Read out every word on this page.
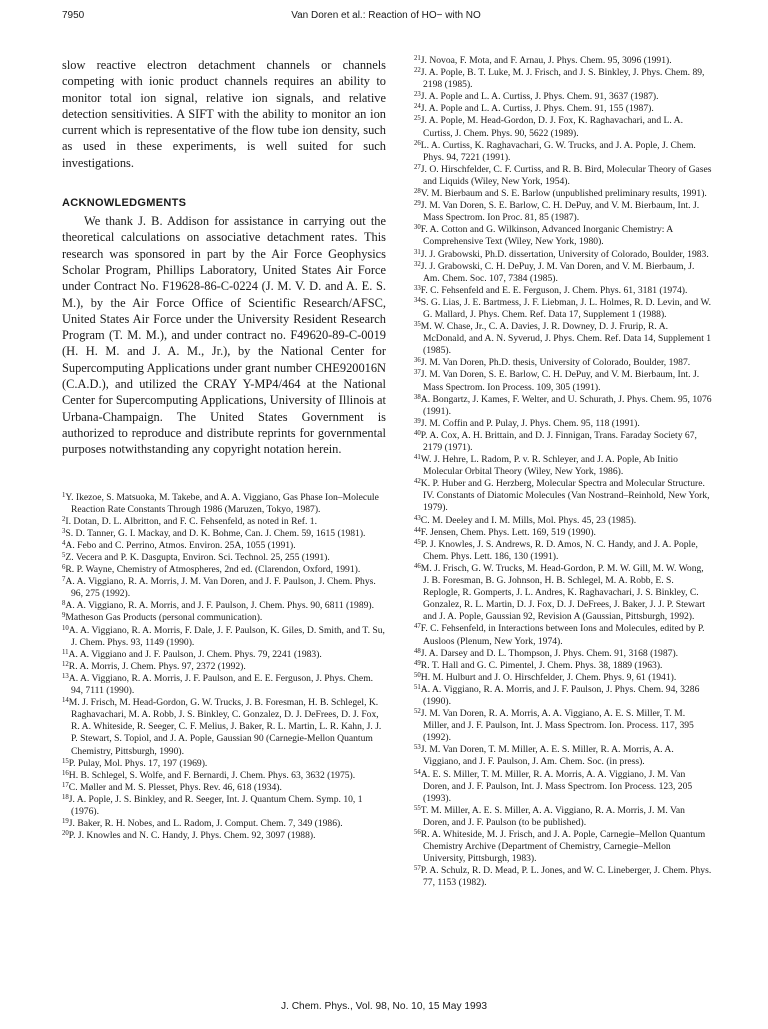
7950	Van Doren et al.: Reaction of HO− with NO

slow reactive electron detachment channels or channels competing with ionic product channels requires an ability to monitor total ion signal, relative ion signals, and relative detection sensitivities. A SIFT with the ability to monitor an ion current which is representative of the flow tube ion density, such as used in these experiments, is well suited for such investigations.

ACKNOWLEDGMENTS

We thank J. B. Addison for assistance in carrying out the theoretical calculations on associative detachment rates. This research was sponsored in part by the Air Force Geophysics Scholar Program, Phillips Laboratory, United States Air Force under Contract No. F19628-86-C-0224 (J. M. V. D. and A. E. S. M.), by the Air Force Office of Scientific Research/AFSC, United States Air Force under the University Resident Research Program (T. M. M.), and under contract no. F49620-89-C-0019 (H. H. M. and J. A. M., Jr.), by the National Center for Supercomputing Applications under grant number CHE920016N (C.A.D.), and utilized the CRAY Y-MP4/464 at the National Center for Supercomputing Applications, University of Illinois at Urbana-Champaign. The United States Government is authorized to reproduce and distribute reprints for governmental purposes notwithstanding any copyright notation herein.

$^1$Y. Ikezoe, S. Matsuoka, M. Takebe, and A. A. Viggiano, Gas Phase Ion–Molecule Reaction Rate Constants Through 1986 (Maruzen, Tokyo, 1987).
$^2$I. Dotan, D. L. Albritton, and F. C. Fehsenfeld, as noted in Ref. 1.
$^3$S. D. Tanner, G. I. Mackay, and D. K. Bohme, Can. J. Chem. 59, 1615 (1981).
$^4$A. Febo and C. Perrino, Atmos. Environ. 25A, 1055 (1991).
$^5$Z. Vecera and P. K. Dasgupta, Environ. Sci. Technol. 25, 255 (1991).
$^6$R. P. Wayne, Chemistry of Atmospheres, 2nd ed. (Clarendon, Oxford, 1991).
$^7$A. A. Viggiano, R. A. Morris, J. M. Van Doren, and J. F. Paulson, J. Chem. Phys. 96, 275 (1992).
$^8$A. A. Viggiano, R. A. Morris, and J. F. Paulson, J. Chem. Phys. 90, 6811 (1989).
$^9$Matheson Gas Products (personal communication).
$^{10}$A. A. Viggiano, R. A. Morris, F. Dale, J. F. Paulson, K. Giles, D. Smith, and T. Su, J. Chem. Phys. 93, 1149 (1990).
$^{11}$A. A. Viggiano and J. F. Paulson, J. Chem. Phys. 79, 2241 (1983).
$^{12}$R. A. Morris, J. Chem. Phys. 97, 2372 (1992).
$^{13}$A. A. Viggiano, R. A. Morris, J. F. Paulson, and E. E. Ferguson, J. Phys. Chem. 94, 7111 (1990).
$^{14}$M. J. Frisch, M. Head-Gordon, G. W. Trucks, J. B. Foresman, H. B. Schlegel, K. Raghavachari, M. A. Robb, J. S. Binkley, C. Gonzalez, D. J. DeFrees, D. J. Fox, R. A. Whiteside, R. Seeger, C. F. Melius, J. Baker, R. L. Martin, L. R. Kahn, J. J. P. Stewart, S. Topiol, and J. A. Pople, Gaussian 90 (Carnegie-Mellon Quantum Chemistry, Pittsburgh, 1990).
$^{15}$P. Pulay, Mol. Phys. 17, 197 (1969).
$^{16}$H. B. Schlegel, S. Wolfe, and F. Bernardi, J. Chem. Phys. 63, 3632 (1975).
$^{17}$C. Møller and M. S. Plesset, Phys. Rev. 46, 618 (1934).
$^{18}$J. A. Pople, J. S. Binkley, and R. Seeger, Int. J. Quantum Chem. Symp. 10, 1 (1976).
$^{19}$J. Baker, R. H. Nobes, and L. Radom, J. Comput. Chem. 7, 349 (1986).
$^{20}$P. J. Knowles and N. C. Handy, J. Phys. Chem. 92, 3097 (1988).
$^{21}$J. Novoa, F. Mota, and F. Arnau, J. Phys. Chem. 95, 3096 (1991).
$^{22}$J. A. Pople, B. T. Luke, M. J. Frisch, and J. S. Binkley, J. Phys. Chem. 89, 2198 (1985).
$^{23}$J. A. Pople and L. A. Curtiss, J. Phys. Chem. 91, 3637 (1987).
$^{24}$J. A. Pople and L. A. Curtiss, J. Phys. Chem. 91, 155 (1987).
$^{25}$J. A. Pople, M. Head-Gordon, D. J. Fox, K. Raghavachari, and L. A. Curtiss, J. Chem. Phys. 90, 5622 (1989).
$^{26}$L. A. Curtiss, K. Raghavachari, G. W. Trucks, and J. A. Pople, J. Chem. Phys. 94, 7221 (1991).
$^{27}$J. O. Hirschfelder, C. F. Curtiss, and R. B. Bird, Molecular Theory of Gases and Liquids (Wiley, New York, 1954).
$^{28}$V. M. Bierbaum and S. E. Barlow (unpublished preliminary results, 1991).
$^{29}$J. M. Van Doren, S. E. Barlow, C. H. DePuy, and V. M. Bierbaum, Int. J. Mass Spectrom. Ion Proc. 81, 85 (1987).
$^{30}$F. A. Cotton and G. Wilkinson, Advanced Inorganic Chemistry: A Comprehensive Text (Wiley, New York, 1980).
$^{31}$J. J. Grabowski, Ph.D. dissertation, University of Colorado, Boulder, 1983.
$^{32}$J. J. Grabowski, C. H. DePuy, J. M. Van Doren, and V. M. Bierbaum, J. Am. Chem. Soc. 107, 7384 (1985).
$^{33}$F. C. Fehsenfeld and E. E. Ferguson, J. Chem. Phys. 61, 3181 (1974).
$^{34}$S. G. Lias, J. E. Bartmess, J. F. Liebman, J. L. Holmes, R. D. Levin, and W. G. Mallard, J. Phys. Chem. Ref. Data 17, Supplement 1 (1988).
$^{35}$M. W. Chase, Jr., C. A. Davies, J. R. Downey, D. J. Frurip, R. A. McDonald, and A. N. Syverud, J. Phys. Chem. Ref. Data 14, Supplement 1 (1985).
$^{36}$J. M. Van Doren, Ph.D. thesis, University of Colorado, Boulder, 1987.
$^{37}$J. M. Van Doren, S. E. Barlow, C. H. DePuy, and V. M. Bierbaum, Int. J. Mass Spectrom. Ion Process. 109, 305 (1991).
$^{38}$A. Bongartz, J. Kames, F. Welter, and U. Schurath, J. Phys. Chem. 95, 1076 (1991).
$^{39}$J. M. Coffin and P. Pulay, J. Phys. Chem. 95, 118 (1991).
$^{40}$P. A. Cox, A. H. Brittain, and D. J. Finnigan, Trans. Faraday Society 67, 2179 (1971).
$^{41}$W. J. Hehre, L. Radom, P. v. R. Schleyer, and J. A. Pople, Ab Initio Molecular Orbital Theory (Wiley, New York, 1986).
$^{42}$K. P. Huber and G. Herzberg, Molecular Spectra and Molecular Structure. IV. Constants of Diatomic Molecules (Van Nostrand–Reinhold, New York, 1979).
$^{43}$C. M. Deeley and I. M. Mills, Mol. Phys. 45, 23 (1985).
$^{44}$F. Jensen, Chem. Phys. Lett. 169, 519 (1990).
$^{45}$P. J. Knowles, J. S. Andrews, R. D. Amos, N. C. Handy, and J. A. Pople, Chem. Phys. Lett. 186, 130 (1991).
$^{46}$M. J. Frisch, G. W. Trucks, M. Head-Gordon, P. M. W. Gill, M. W. Wong, J. B. Foresman, B. G. Johnson, H. B. Schlegel, M. A. Robb, E. S. Replogle, R. Gomperts, J. L. Andres, K. Raghavachari, J. S. Binkley, C. Gonzalez, R. L. Martin, D. J. Fox, D. J. DeFrees, J. Baker, J. J. P. Stewart and J. A. Pople, Gaussian 92, Revision A (Gaussian, Pittsburgh, 1992).
$^{47}$F. C. Fehsenfeld, in Interactions between Ions and Molecules, edited by P. Ausloos (Plenum, New York, 1974).
$^{48}$J. A. Darsey and D. L. Thompson, J. Phys. Chem. 91, 3168 (1987).
$^{49}$R. T. Hall and G. C. Pimentel, J. Chem. Phys. 38, 1889 (1963).
$^{50}$H. M. Hulburt and J. O. Hirschfelder, J. Chem. Phys. 9, 61 (1941).
$^{51}$A. A. Viggiano, R. A. Morris, and J. F. Paulson, J. Phys. Chem. 94, 3286 (1990).
$^{52}$J. M. Van Doren, R. A. Morris, A. A. Viggiano, A. E. S. Miller, T. M. Miller, and J. F. Paulson, Int. J. Mass Spectrom. Ion. Process. 117, 395 (1992).
$^{53}$J. M. Van Doren, T. M. Miller, A. E. S. Miller, R. A. Morris, A. A. Viggiano, and J. F. Paulson, J. Am. Chem. Soc. (in press).
$^{54}$A. E. S. Miller, T. M. Miller, R. A. Morris, A. A. Viggiano, J. M. Van Doren, and J. F. Paulson, Int. J. Mass Spectrom. Ion Process. 123, 205 (1993).
$^{55}$T. M. Miller, A. E. S. Miller, A. A. Viggiano, R. A. Morris, J. M. Van Doren, and J. F. Paulson (to be published).
$^{56}$R. A. Whiteside, M. J. Frisch, and J. A. Pople, Carnegie–Mellon Quantum Chemistry Archive (Department of Chemistry, Carnegie–Mellon University, Pittsburgh, 1983).
$^{57}$P. A. Schulz, R. D. Mead, P. L. Jones, and W. C. Lineberger, J. Chem. Phys. 77, 1153 (1982).
J. Chem. Phys., Vol. 98, No. 10, 15 May 1993
